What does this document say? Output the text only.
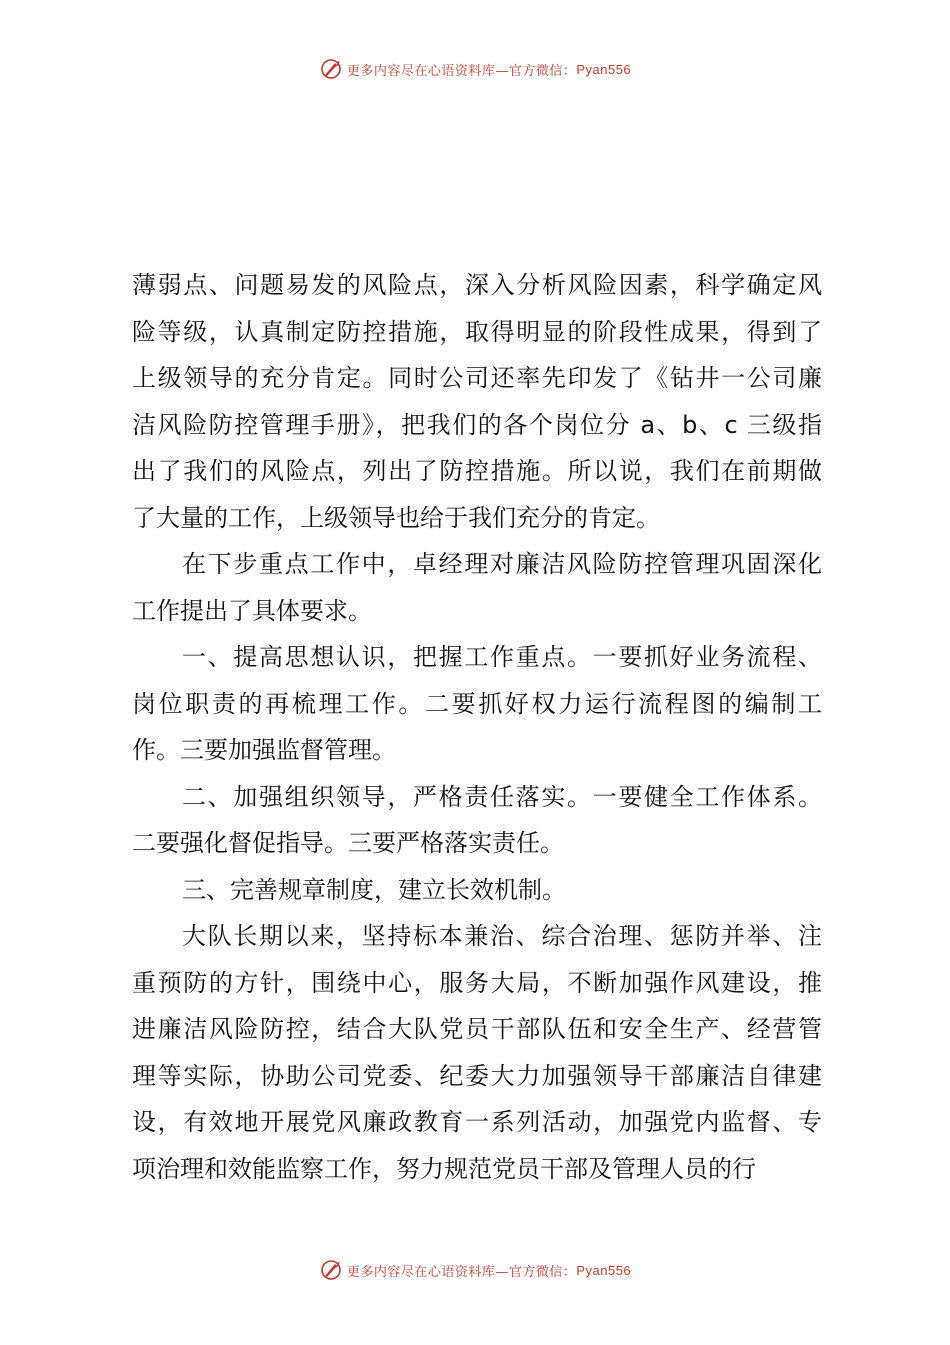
更多内容尽在心语资料库—官方微信： Pyan556
薄弱点、问题易发的风险点，深入分析风险因素，科学确定风
险等级，认真制定防控措施，取得明显的阶段性成果，得到了
上级领导的充分肯定。同时公司还率先印发了《钻井一公司廉
洁风险防控管理手册》，把我们的各个岗位分 a、b、c 三级指
出了我们的风险点，列出了防控措施。所以说，我们在前期做
了大量的工作，上级领导也给于我们充分的肯定。
在下步重点工作中，卓经理对廉洁风险防控管理巩固深化
工作提出了具体要求。
一、提高思想认识，把握工作重点。一要抓好业务流程、
岗位职责的再梳理工作。二要抓好权力运行流程图的编制工
作。三要加强监督管理。
二、加强组织领导，严格责任落实。一要健全工作体系。
二要强化督促指导。三要严格落实责任。
三、完善规章制度，建立长效机制。
大队长期以来，坚持标本兼治、综合治理、惩防并举、注
重预防的方针，围绕中心，服务大局，不断加强作风建设，推
进廉洁风险防控，结合大队党员干部队伍和安全生产、经营管
理等实际，协助公司党委、纪委大力加强领导干部廉洁自律建
设，有效地开展党风廉政教育一系列活动，加强党内监督、专
项治理和效能监察工作，努力规范党员干部及管理人员的行
更多内容尽在心语资料库—官方微信： Pyan556
